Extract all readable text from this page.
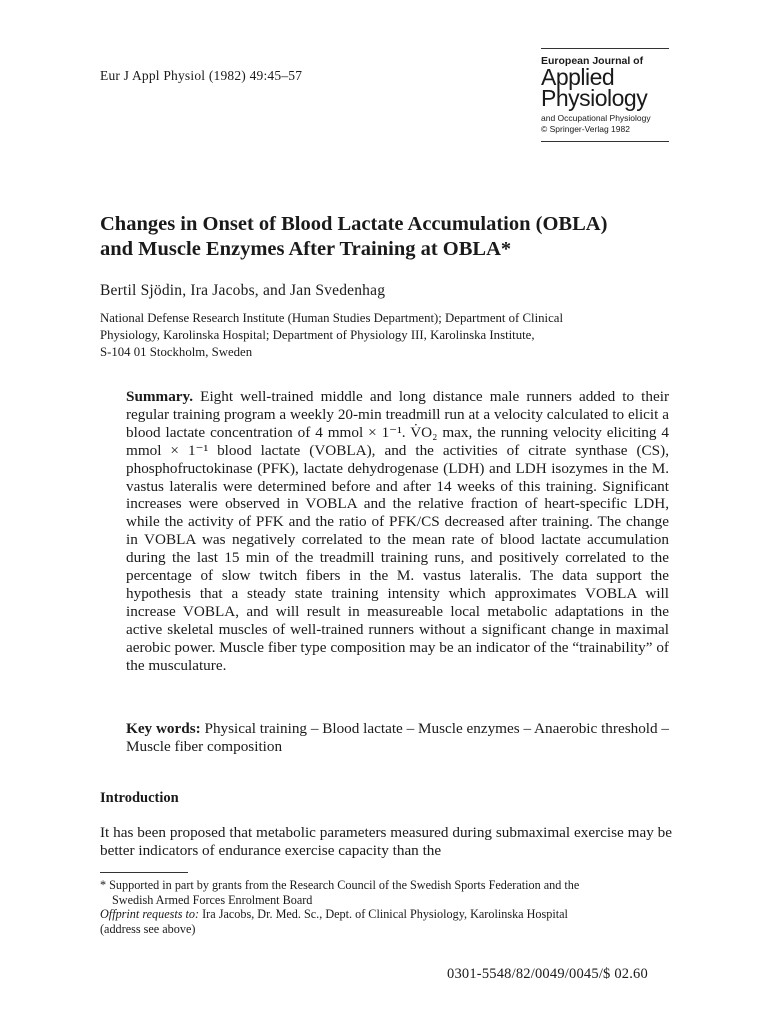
Eur J Appl Physiol (1982) 49:45–57
European Journal of
Applied
Physiology
and Occupational Physiology
© Springer-Verlag 1982
Changes in Onset of Blood Lactate Accumulation (OBLA)
and Muscle Enzymes After Training at OBLA*
Bertil Sjödin, Ira Jacobs, and Jan Svedenhag
National Defense Research Institute (Human Studies Department); Department of Clinical
Physiology, Karolinska Hospital; Department of Physiology III, Karolinska Institute,
S-104 01 Stockholm, Sweden
Summary. Eight well-trained middle and long distance male runners added to their regular training program a weekly 20-min treadmill run at a velocity calculated to elicit a blood lactate concentration of 4 mmol × 1⁻¹. V̇O₂ max, the running velocity eliciting 4 mmol × 1⁻¹ blood lactate (VOBLA), and the activities of citrate synthase (CS), phosphofructokinase (PFK), lactate dehydrogenase (LDH) and LDH isozymes in the M. vastus lateralis were determined before and after 14 weeks of this training. Significant increases were observed in VOBLA and the relative fraction of heart-specific LDH, while the activity of PFK and the ratio of PFK/CS decreased after training. The change in VOBLA was negatively correlated to the mean rate of blood lactate accumulation during the last 15 min of the treadmill training runs, and positively correlated to the percentage of slow twitch fibers in the M. vastus lateralis. The data support the hypothesis that a steady state training intensity which approximates VOBLA will increase VOBLA, and will result in measureable local metabolic adaptations in the active skeletal muscles of well-trained runners without a significant change in maximal aerobic power. Muscle fiber type composition may be an indicator of the “trainability” of the musculature.
Key words: Physical training – Blood lactate – Muscle enzymes – Anaerobic threshold – Muscle fiber composition
Introduction
It has been proposed that metabolic parameters measured during submaximal exercise may be better indicators of endurance exercise capacity than the

* Supported in part by grants from the Research Council of the Swedish Sports Federation and the

Swedish Armed Forces Enrolment Board

Offprint requests to: Ira Jacobs, Dr. Med. Sc., Dept. of Clinical Physiology, Karolinska Hospital

(address see above)

0301-5548/82/0049/0045/$ 02.60
